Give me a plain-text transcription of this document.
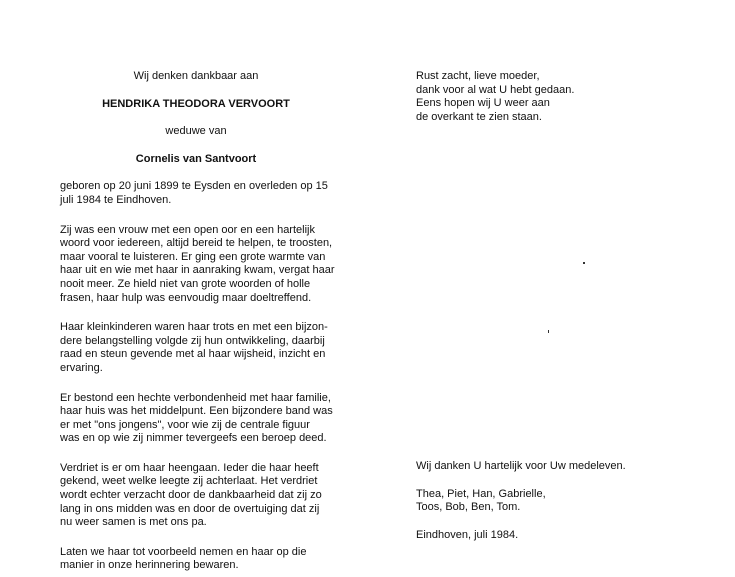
Wij denken dankbaar aan

HENDRIKA THEODORA VERVOORT

weduwe van

Cornelis van Santvoort

geboren op 20 juni 1899 te Eysden en overleden op 15
juli 1984 te Eindhoven.

Zij was een vrouw met een open oor en een hartelijk
woord voor iedereen, altijd bereid te helpen, te troosten,
maar vooral te luisteren. Er ging een grote warmte van
haar uit en wie met haar in aanraking kwam, vergat haar
nooit meer. Ze hield niet van grote woorden of holle
frasen, haar hulp was eenvoudig maar doeltreffend.

Haar kleinkinderen waren haar trots en met een bijzon-
dere belangstelling volgde zij hun ontwikkeling, daarbij
raad en steun gevende met al haar wijsheid, inzicht en
ervaring.

Er bestond een hechte verbondenheid met haar familie,
haar huis was het middelpunt. Een bijzondere band was
er met "ons jongens", voor wie zij de centrale figuur
was en op wie zij nimmer tevergeefs een beroep deed.

Verdriet is er om haar heengaan. Ieder die haar heeft
gekend, weet welke leegte zij achterlaat. Het verdriet
wordt echter verzacht door de dankbaarheid dat zij zo
lang in ons midden was en door de overtuiging dat zij
nu weer samen is met ons pa.

Laten we haar tot voorbeeld nemen en haar op die
manier in onze herinnering bewaren.

Rust zacht, lieve moeder,
dank voor al wat U hebt gedaan.
Eens hopen wij U weer aan
de overkant te zien staan.

Wij danken U hartelijk voor Uw medeleven.

Thea, Piet, Han, Gabrielle,
Toos, Bob, Ben, Tom.

Eindhoven, juli 1984.
